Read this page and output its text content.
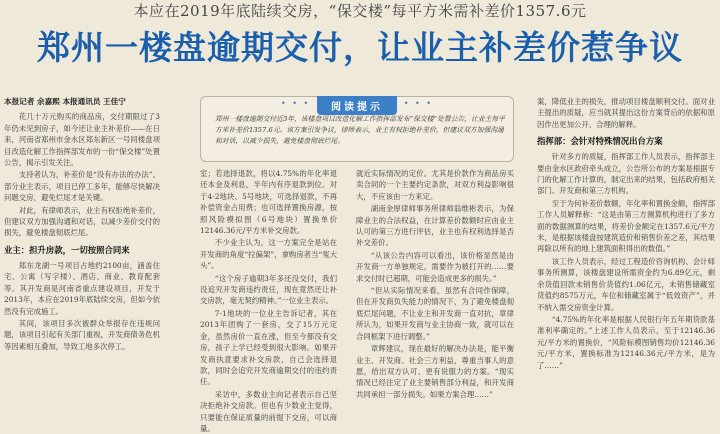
本应在2019年底陆续交房，“保交楼”每平方米需补差价1357.6元
郑州一楼盘逾期交付，让业主补差价惹争议

本报记者 余嘉熙 本报通讯员 王佳宁

花几十万元购买的商品房，交付期限过了3年仍未见到房子，如今还让业主补差价——在日来，河南省郑州市金水区郑东新区一号同楼盘项目改造化解工作指挥部发布的一份“保交楼”处置公告，揭示引发关注。

支持者认为，补差价是“没有办法的办法”。部分业主表示，项目已停工多年，能够尽快解决问题交房，避免烂尾才是关键。

对此，有律师表示，业主有权拒绝补差价，但建议双方加强沟通和对话，以减少差价交付的损失，避免楼盘彻底烂尾。

业主：担升房款，一切按照合同来

郑东龙湖一号项目占地约2100亩，涵盖住宅、公寓（写字楼）、酒店、商业、教育配套等。其开发商是河南省重点建设项目，开发于2013年，本应在2019年底陆续交房，但如今依然没有完成施工。

其间，该项目多次被群众举报存在违规问题，该项目引起有关部门重视，开发商债务危机等因素相互叠加，导致工地多次停工。

• • •	阅读提示	• • •
郑州一楼盘逾期交付近3年，该楼盘项目改造化解工作指挥部发布“保交楼”处置公告，让业主每平方米补差价1357.6元。该方案引发争议，律师表示，业主有权拒绝补差价，但建议双方加强沟通和对话，以减少损失，避免楼盘彻底烂尾。

室；若选择退款，将以4.75%的年化率退还本金及利息，半年内有序退款到位。对于4-2地块、5号地块，可选择退款，不再补偿资金占用费；也可选择置换房源，按照风险模拟图（6号地块）置换单价12146.36元/平方米补交房款。

不少业主认为，这一方案完全是站在开发商的角度“拉偏架”，拿购房者当“冤大头”。

“这个房子逾期3年多还没交付，我们没追究开发商违约责任，现在竟然还让补交房款，毫无契约精神。”一位业主表示。

7-1地块的一位业主告诉记者，其在2013年团购了一套房，交了15万元定金，虽然房价一直在涨，但至今都没有交房，孩子上学已经受到很大影响。如果开发商执意要求补交房款，自己会选择退款，同时会追究开发商逾期交付的违约责任。

采访中，多数业主向记者表示自己坚决拒绝补交房款。但也有少数业主觉得，只要能在保证质量的前提下交房，可以商量。

就近实际情况的定价。尤其是价款作为商品房买卖合同的一个主要约定条款，对双方利益影响很大，不应该由一方来定。

湖南金厚律师事务所律师翁维彬表示，为保障业主的合法权益，在计算差价数额时应由业主认可的第三方进行评估，业主也有权利选择是否补交差价。

“从该公告内容可以看出，该价格显然是由开发商一方单独规定，需要作为被打开的……要求交付时已超期，可能会造成更多的损失。”

“但从实际情况来看，虽然有合同作保障，但在开发商负失能力的情况下，为了避免楼盘彻底烂尾问题，不让业主和开发商一直对抗，章律所认为，如果开发商与业主协商一致，就可以在合同框架下进行调整。”

章辉建议，现在最好的解决办法是，能平衡业主、开发商、社会三方利益，尊重当事人的意愿，给出双方认可、更有说服力的方案。“现实情况已经注定了业主要销售部分利益，和开发商共同承担一部分损失。如果方案合理……”

案，降低业主的损失，推动项目楼盘顺利交付。面对业主提出的质疑，应当就其提出这份方案背后的依据和原因作出更加公开、合理的解释。

指挥部：会针对特殊情况出台方案

针对多方的质疑，指挥部工作人员表示，指挥部主要由金水区政府牵头成立，公告所公布的方案是根据专门的化解工作计算的，制定出来的结果，包括政府相关部门、开发商和第三方机构。

至于为何补差价数额，年化率和置换金额，指挥部工作人员解释称：“这是由第三方测算机构进行了多方面的数据测算的结果，将差价金额定在1357.6元/平方米，是根据该楼盘按建筑造价和销售价差之差，其结果再除以所有的地上建筑面积得出的数值。”

该工作人员表示，经过工程造价咨询机构、会计师事务所测算，该楼盘建设所需资金约为6.89亿元，剩余货值回款未销售价货值约1.06亿元，未销售储藏室货值约8575万元，车位和储藏室属于“低效资产”，并不纳入需交房资金计算。

“4.75%的年化率是根据人民银行年五年期贷款基准利率确定的。”上述工作人员表示，至于12146.36元/平方米的置换价，“风险标模图销售均价12146.36元/平方米，置换标准为12146.36元/平方米，是为了……”
